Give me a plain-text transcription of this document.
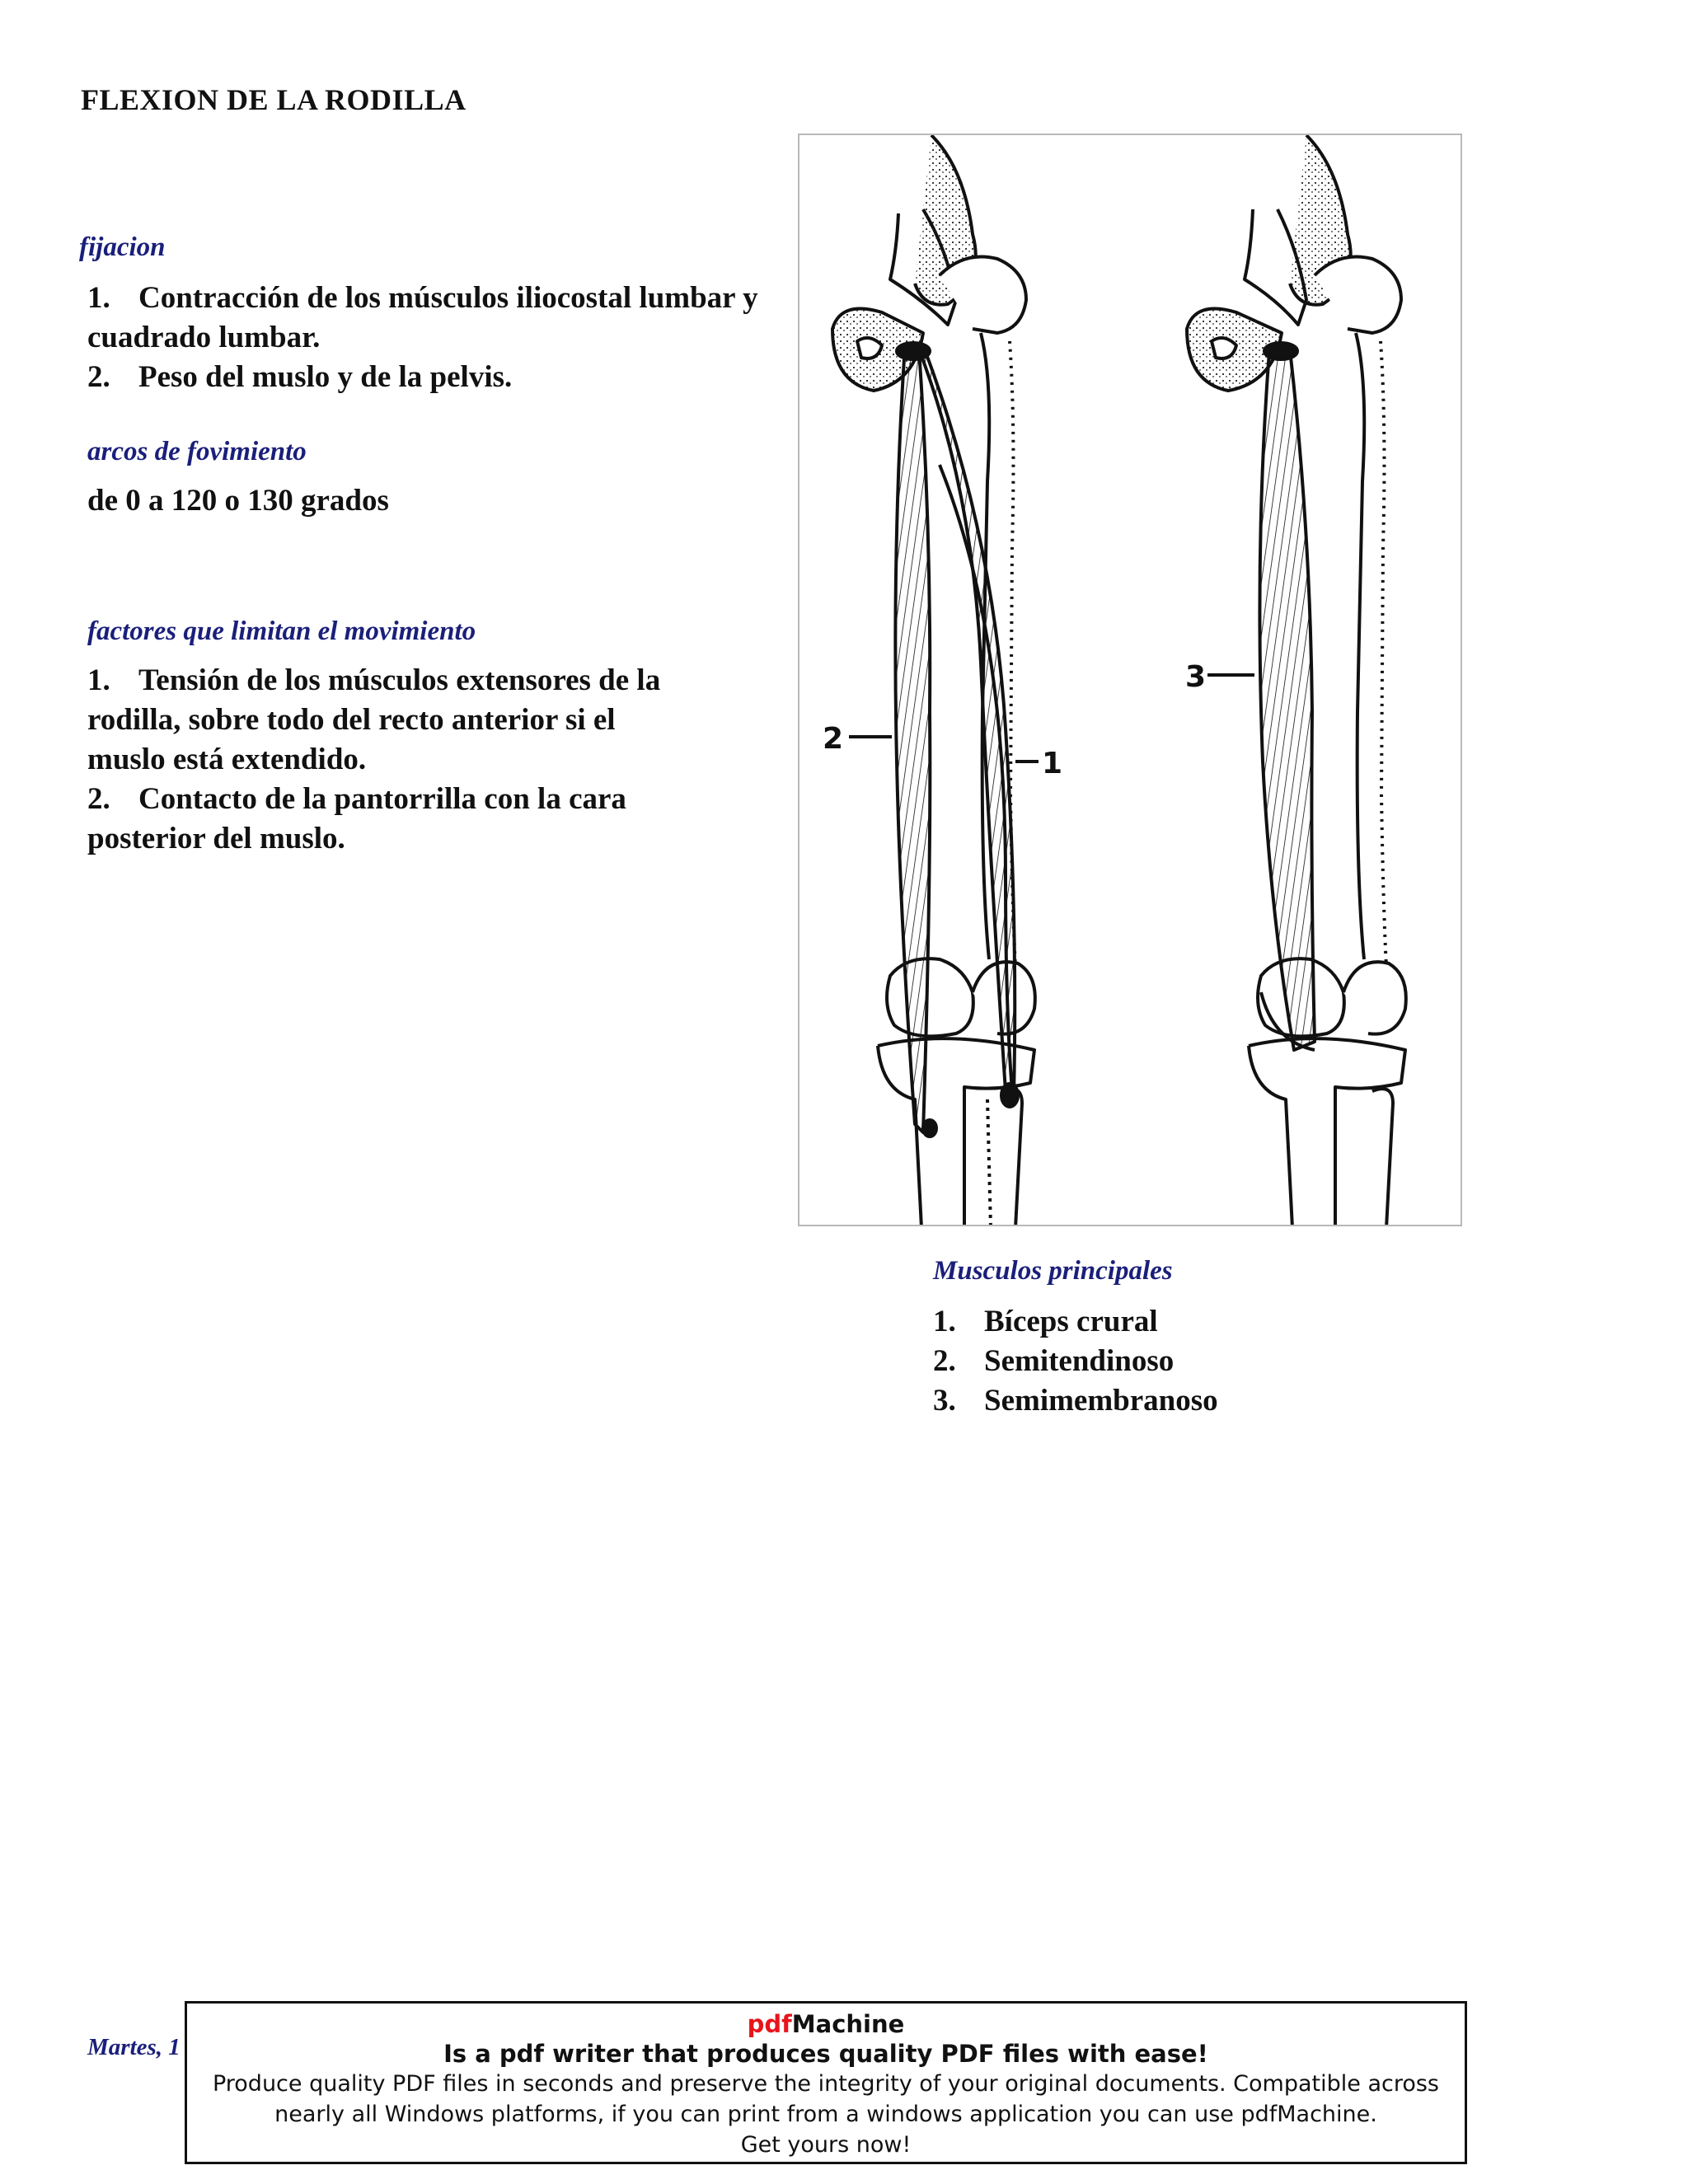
FLEXION DE LA RODILLA
fijacion
1. Contracción de los músculos iliocostal lumbar y
cuadrado lumbar.
2. Peso del muslo y de la pelvis.
arcos de fovimiento
de 0 a 120 o 130 grados
factores que limitan el movimiento
1. Tensión de los músculos extensores de la
rodilla, sobre todo del recto anterior si el
muslo está extendido.
2. Contacto de la pantorrilla con la cara
posterior del muslo.
2
1
3
Musculos principales
1. Bíceps crural
2. Semitendinoso
3. Semimembranoso
Martes, 1
pdfMachine
Is a pdf writer that produces quality PDF files with ease!
Produce quality PDF files in seconds and preserve the integrity of your original documents. Compatible across
nearly all Windows platforms, if you can print from a windows application you can use pdfMachine.
Get yours now!
